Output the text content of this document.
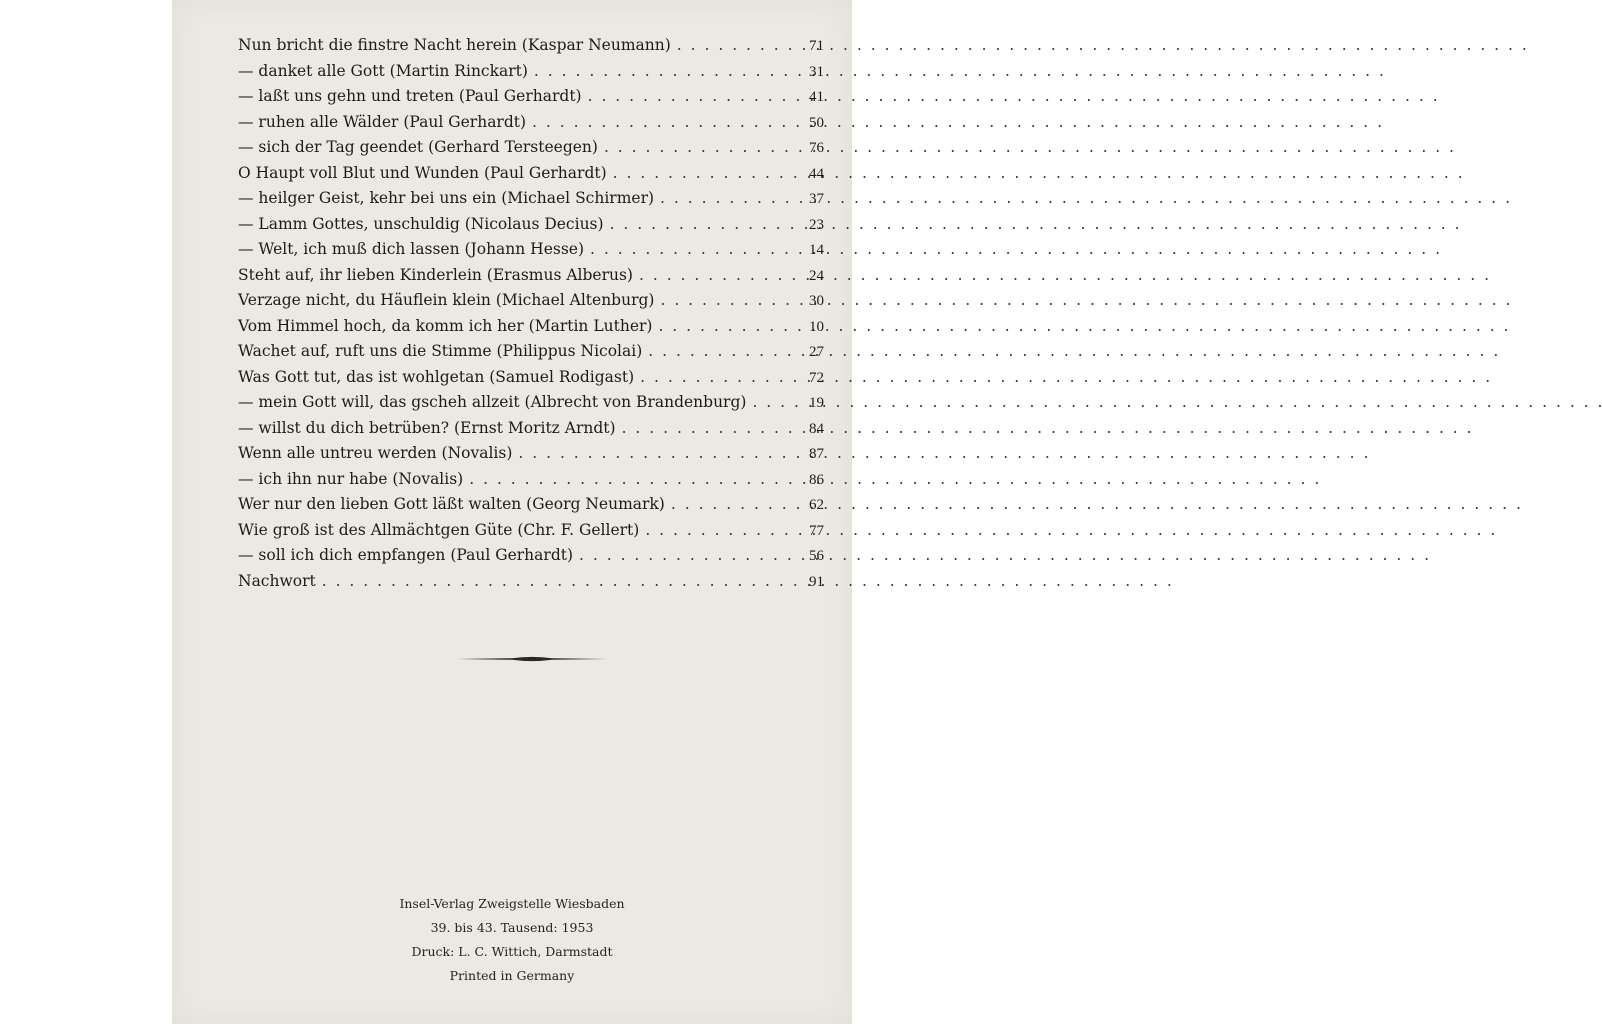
Nun bricht die finstre Nacht herein (Kaspar Neumann) . . .	71
— danket alle Gott (Martin Rinckart) . . .	31
— laßt uns gehn und treten (Paul Gerhardt) . . .	41
— ruhen alle Wälder (Paul Gerhardt) . . .	50
— sich der Tag geendet (Gerhard Tersteegen) . . .	76
O Haupt voll Blut und Wunden (Paul Gerhardt) . . .	44
— heilger Geist, kehr bei uns ein (Michael Schirmer) . . .	37
— Lamm Gottes, unschuldig (Nicolaus Decius) . . .	23
— Welt, ich muß dich lassen (Johann Hesse) . . .	14
Steht auf, ihr lieben Kinderlein (Erasmus Alberus) . . .	24
Verzage nicht, du Häuflein klein (Michael Altenburg) . . .	30
Vom Himmel hoch, da komm ich her (Martin Luther) . . .	10
Wachet auf, ruft uns die Stimme (Philippus Nicolai) . . .	27
Was Gott tut, das ist wohlgetan (Samuel Rodigast) . . .	72
— mein Gott will, das gscheh allzeit (Albrecht von Brandenburg) . . .	19
— willst du dich betrüben? (Ernst Moritz Arndt) . . .	84
Wenn alle untreu werden (Novalis) . . .	87
— ich ihn nur habe (Novalis) . . .	86
Wer nur den lieben Gott läßt walten (Georg Neumark) . . .	62
Wie groß ist des Allmächtgen Güte (Chr. F. Gellert) . . .	77
— soll ich dich empfangen (Paul Gerhardt) . . .	56
Nachwort . . .	91
Insel-Verlag Zweigstelle Wiesbaden
39. bis 43. Tausend: 1953
Druck: L. C. Wittich, Darmstadt
Printed in Germany
